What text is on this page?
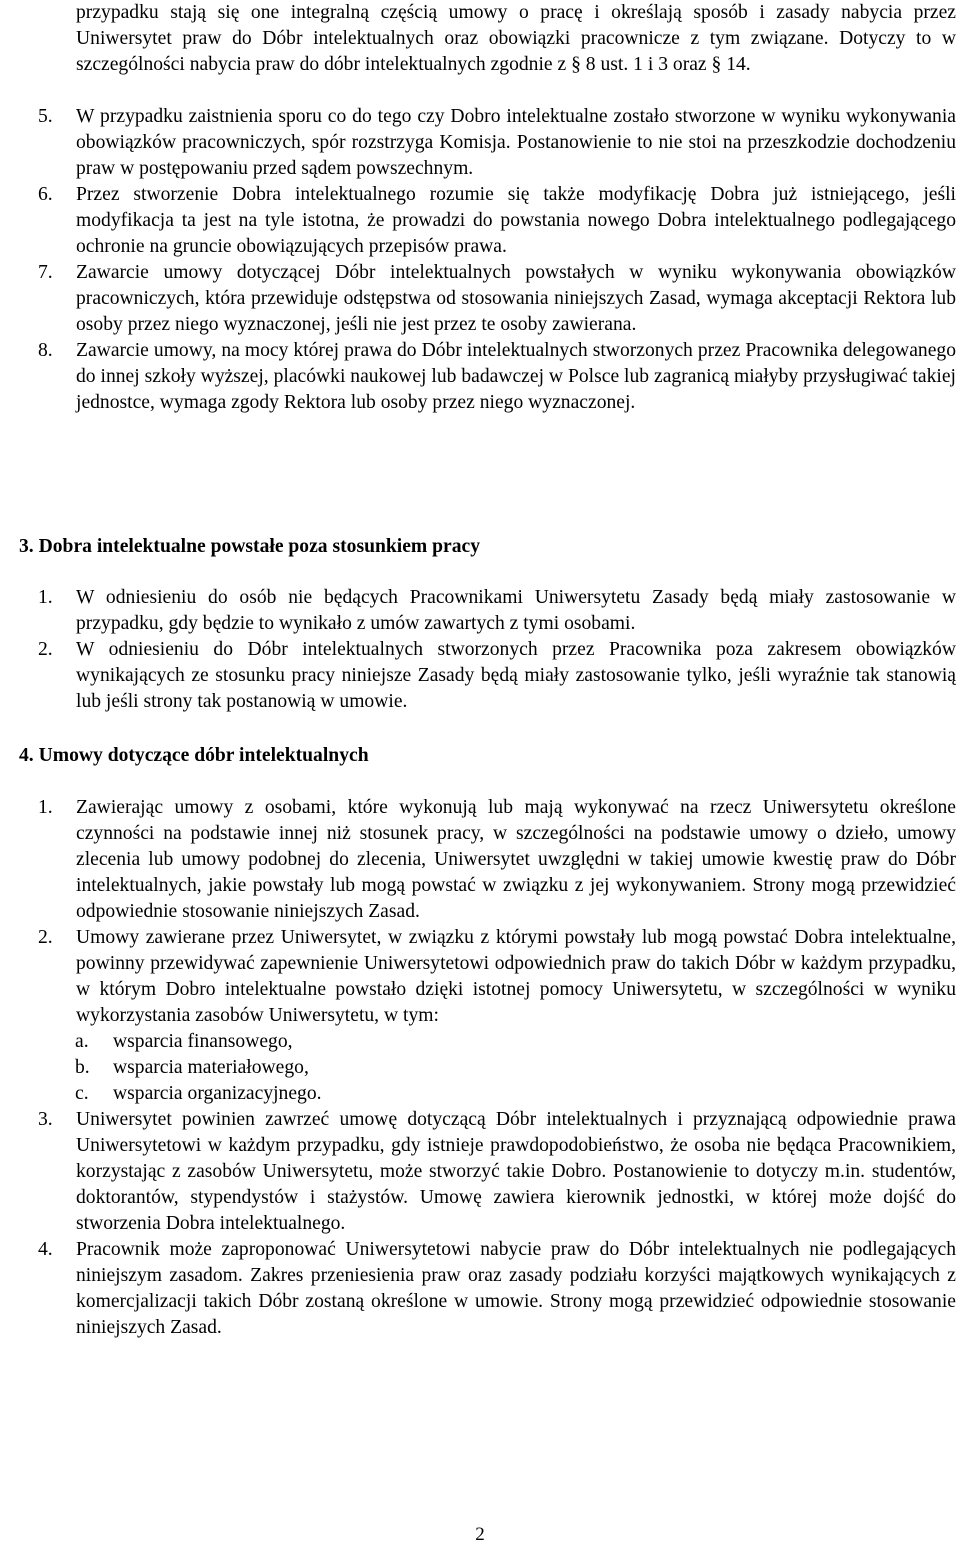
przypadku stają się one integralną częścią umowy o pracę i określają sposób i zasady nabycia przez Uniwersytet praw do Dóbr intelektualnych oraz obowiązki pracownicze z tym związane. Dotyczy to w szczególności nabycia praw do dóbr intelektualnych zgodnie z § 8 ust. 1 i 3 oraz § 14.
5. W przypadku zaistnienia sporu co do tego czy Dobro intelektualne zostało stworzone w wyniku wykonywania obowiązków pracowniczych, spór rozstrzyga Komisja. Postanowienie to nie stoi na przeszkodzie dochodzeniu praw w postępowaniu przed sądem powszechnym.
6. Przez stworzenie Dobra intelektualnego rozumie się także modyfikację Dobra już istniejącego, jeśli modyfikacja ta jest na tyle istotna, że prowadzi do powstania nowego Dobra intelektualnego podlegającego ochronie na gruncie obowiązujących przepisów prawa.
7. Zawarcie umowy dotyczącej Dóbr intelektualnych powstałych w wyniku wykonywania obowiązków pracowniczych, która przewiduje odstępstwa od stosowania niniejszych Zasad, wymaga akceptacji Rektora lub osoby przez niego wyznaczonej, jeśli nie jest przez te osoby zawierana.
8. Zawarcie umowy, na mocy której prawa do Dóbr intelektualnych stworzonych przez Pracownika delegowanego do innej szkoły wyższej, placówki naukowej lub badawczej w Polsce lub zagranicą miałyby przysługiwać takiej jednostce, wymaga zgody Rektora lub osoby przez niego wyznaczonej.
3. Dobra intelektualne powstałe poza stosunkiem pracy
1. W odniesieniu do osób nie będących Pracownikami Uniwersytetu Zasady będą miały zastosowanie w przypadku, gdy będzie to wynikało z umów zawartych z tymi osobami.
2. W odniesieniu do Dóbr intelektualnych stworzonych przez Pracownika poza zakresem obowiązków wynikających ze stosunku pracy niniejsze Zasady będą miały zastosowanie tylko, jeśli wyraźnie tak stanowią lub jeśli strony tak postanowią w umowie.
4. Umowy dotyczące dóbr intelektualnych
1. Zawierając umowy z osobami, które wykonują lub mają wykonywać na rzecz Uniwersytetu określone czynności na podstawie innej niż stosunek pracy, w szczególności na podstawie umowy o dzieło, umowy zlecenia lub umowy podobnej do zlecenia, Uniwersytet uwzględni w takiej umowie kwestię praw do Dóbr intelektualnych, jakie powstały lub mogą powstać w związku z jej wykonywaniem. Strony mogą przewidzieć odpowiednie stosowanie niniejszych Zasad.
2. Umowy zawierane przez Uniwersytet, w związku z którymi powstały lub mogą powstać Dobra intelektualne, powinny przewidywać zapewnienie Uniwersytetowi odpowiednich praw do takich Dóbr w każdym przypadku, w którym Dobro intelektualne powstało dzięki istotnej pomocy Uniwersytetu, w szczególności w wyniku wykorzystania zasobów Uniwersytetu, w tym:
a. wsparcia finansowego,
b. wsparcia materiałowego,
c. wsparcia organizacyjnego.
3. Uniwersytet powinien zawrzeć umowę dotyczącą Dóbr intelektualnych i przyznającą odpowiednie prawa Uniwersytetowi w każdym przypadku, gdy istnieje prawdopodobieństwo, że osoba nie będąca Pracownikiem, korzystając z zasobów Uniwersytetu, może stworzyć takie Dobro. Postanowienie to dotyczy m.in. studentów, doktorantów, stypendystów i stażystów. Umowę zawiera kierownik jednostki, w której może dojść do stworzenia Dobra intelektualnego.
4. Pracownik może zaproponować Uniwersytetowi nabycie praw do Dóbr intelektualnych nie podlegających niniejszym zasadom. Zakres przeniesienia praw oraz zasady podziału korzyści majątkowych wynikających z komercjalizacji takich Dóbr zostaną określone w umowie. Strony mogą przewidzieć odpowiednie stosowanie niniejszych Zasad.
2
